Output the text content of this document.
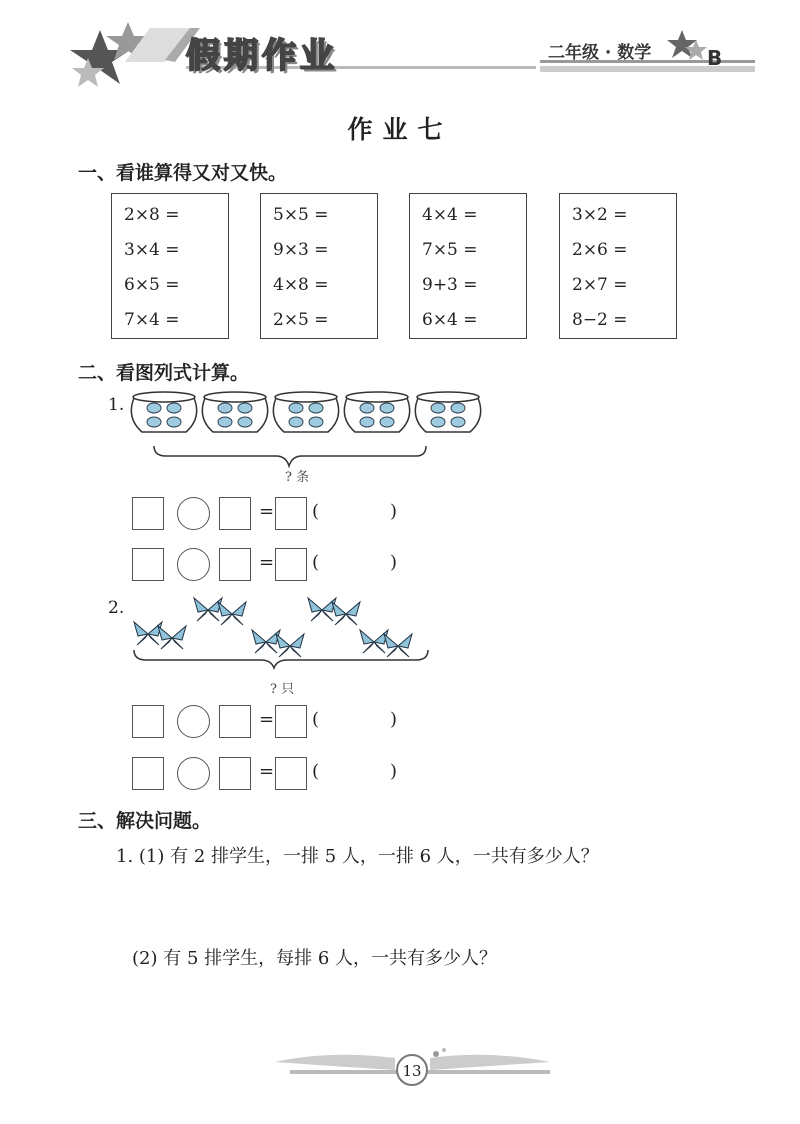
假期作业	二年级 · 数学	B
作业七
一、看谁算得又对又快。
2×8 =
3×4 =
6×5 =
7×4 =
5×5 =
9×3 =
4×8 =
2×5 =
4×4 =
7×5 =
9+3 =
6×4 =
3×2 =
2×6 =
2×7 =
8−2 =
二、看图列式计算。
1.
? 条
= (	)
= (	)
2.
? 只
= (	)
= (	)
三、解决问题。
1. (1) 有 2 排学生，一排 5 人，一排 6 人，一共有多少人？
(2) 有 5 排学生，每排 6 人，一共有多少人？
13
